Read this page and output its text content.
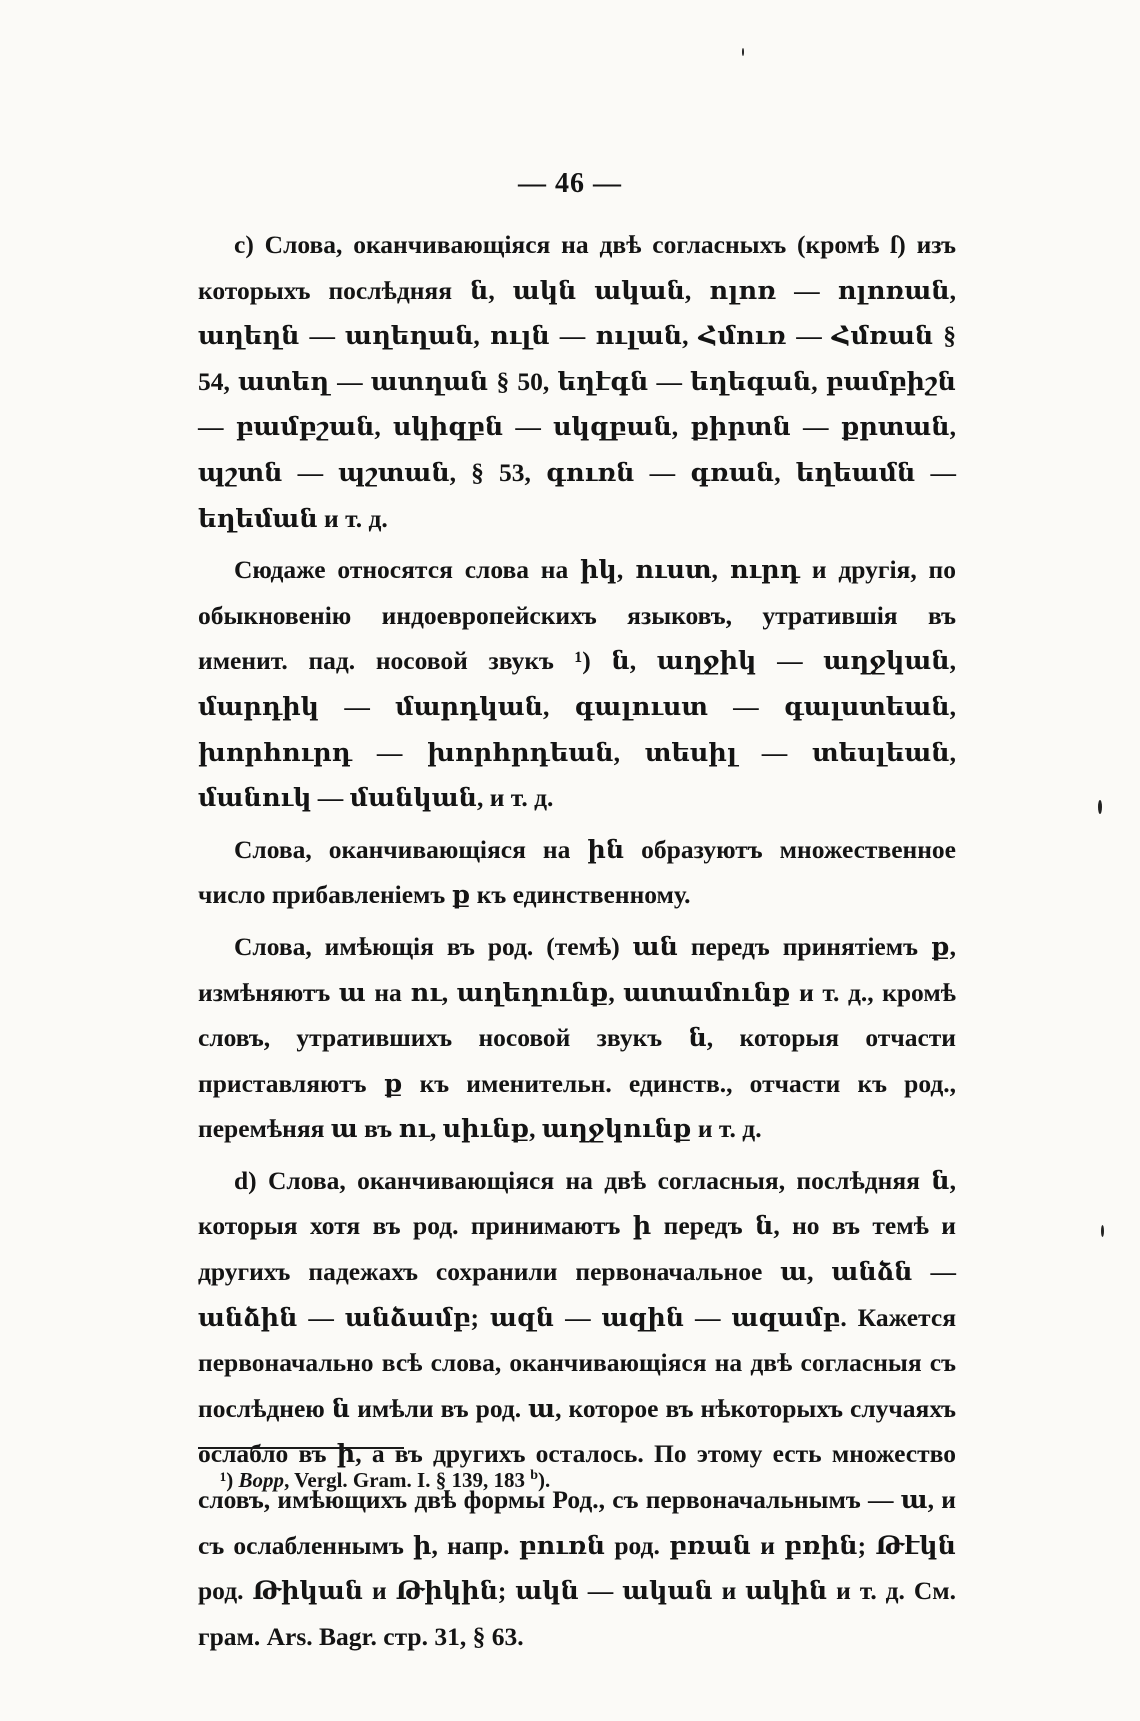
— 46 —

c) Слова, оканчивающiяся на двѣ согласныхъ (кромѣ ſ) изъ которыхъ послѣдняя ն, ակն ական, ոլոռ — ոլոռան, աղեղն — աղեղան, ուլն — ուլան, Հմուռ — Հմռան § 54, ատեղ — ատղան § 50, եղէգն — եղեգան, բամբիշն — բամբշան, սկիզբն — սկզբան, քիրտն — քրտան, պշտն — պշտան, § 53, գուռն — գռան, եղեամն — եղեման и т. д.

Сюдаже относятся слова на իկ, ուստ, ուրդ и другiя, по обыкновенiю индоевропейскихъ языковъ, утратившiя въ именит. пад. носовой звукъ ¹) ն, աղջիկ — աղջկան, մարդիկ — մարդկան, գալուստ — գալստեան, խորհուրդ — խորհրդեան, տեսիլ — տեսլեան, մանուկ — մանկան, и т. д.

Слова, оканчивающiяся на ին образуютъ множественное число прибавленiемъ ք къ единственному.

Слова, имѣющiя въ род. (темѣ) ան передъ принятiемъ ք, измѣняютъ ա на ու, աղեղունք, ատամունք и т. д., кромѣ словъ, утратившихъ носовой звукъ ն, которыя отчасти приставляютъ ք къ именительн. единств., отчасти къ род., перемѣняя ա въ ու, սիւնք, աղջկունք и т. д.

d) Слова, оканчивающiяся на двѣ согласныя, послѣдняя ն, которыя хотя въ род. принимаютъ ի передъ ն, но въ темѣ и другихъ падежахъ сохранили первоначальное ա, անձն — անձին — անձամբ; ազն — ազին — ազամբ. Кажется первоначально всѣ слова, оканчивающiяся на двѣ согласныя съ послѣднею ն имѣли въ род. ա, которое въ нѣкоторыхъ случаяхъ ослабло въ ի, а въ другихъ осталось. По этому есть множество словъ, имѣющихъ двѣ формы Род., съ первоначальнымъ — ա, и съ ослабленнымъ ի, напр. բուռն род. բռան и բռին; Թէկն род. Թիկան и Թիկին; ակն — ական и ակին и т. д. См. грам. Ars. Bagr. стр. 31, § 63.

¹) Bopp, Vergl. Gram. I. § 139, 183 $^b$).
